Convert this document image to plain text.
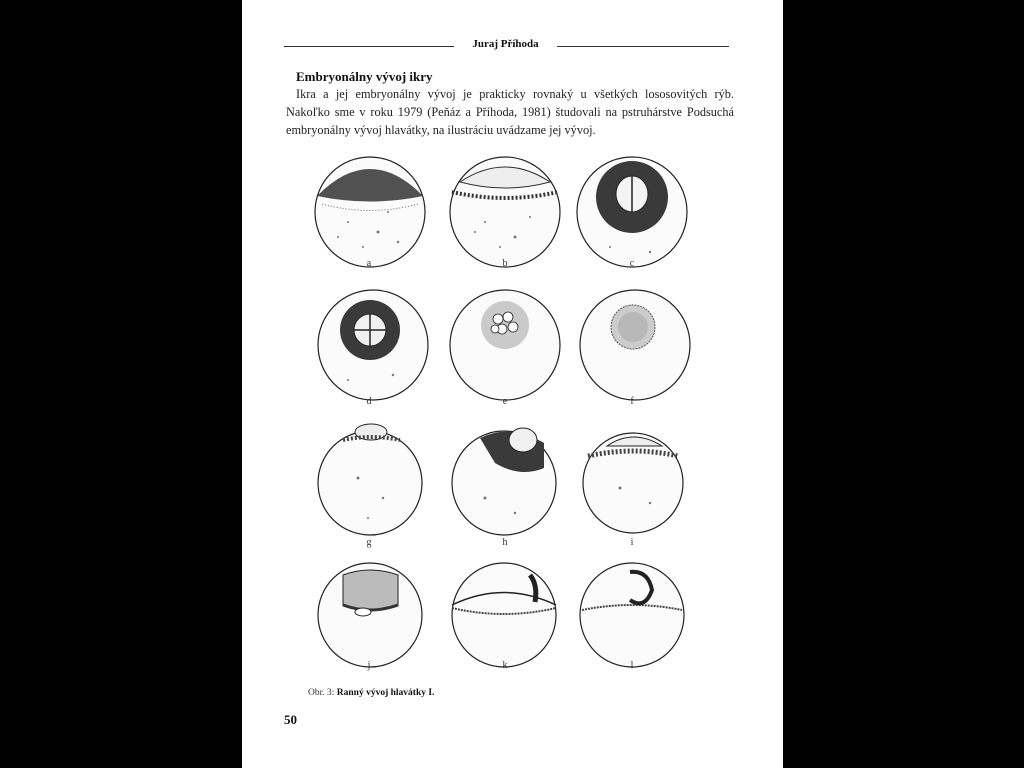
Juraj Příhoda
Embryonálny vývoj ikry
Ikra a jej embryonálny vývoj je prakticky rovnaký u všetkých lososovitých rýb. Nakoľko sme v roku 1979 (Peňáz a Příhoda, 1981) študovali na pstruhárstve Podsuchá embryonálny vývoj hlavátky, na ilustráciu uvádzame jej vývoj.
a	b	c
d	e	f
g	h	i
j	k	l
Obr. 3: Ranný vývoj hlavátky I.
50
